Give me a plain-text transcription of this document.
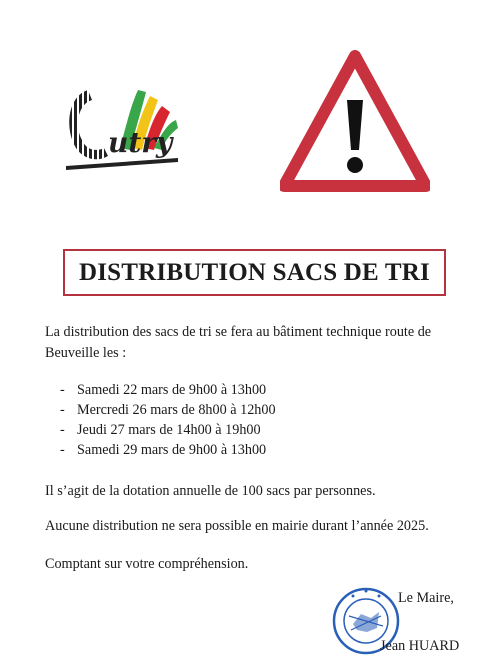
utry
DISTRIBUTION SACS DE TRI

La distribution des sacs de tri se fera au bâtiment technique route de Beuveille les :

- Samedi 22 mars de 9h00 à 13h00
- Mercredi 26 mars de 8h00 à 12h00
- Jeudi 27 mars de 14h00 à 19h00
- Samedi 29 mars de 9h00 à 13h00

Il s’agit de la dotation annuelle de 100 sacs par personnes.

Aucune distribution ne sera possible en mairie durant l’année 2025.

Comptant sur votre compréhension.

Le Maire,
Jean HUARD
